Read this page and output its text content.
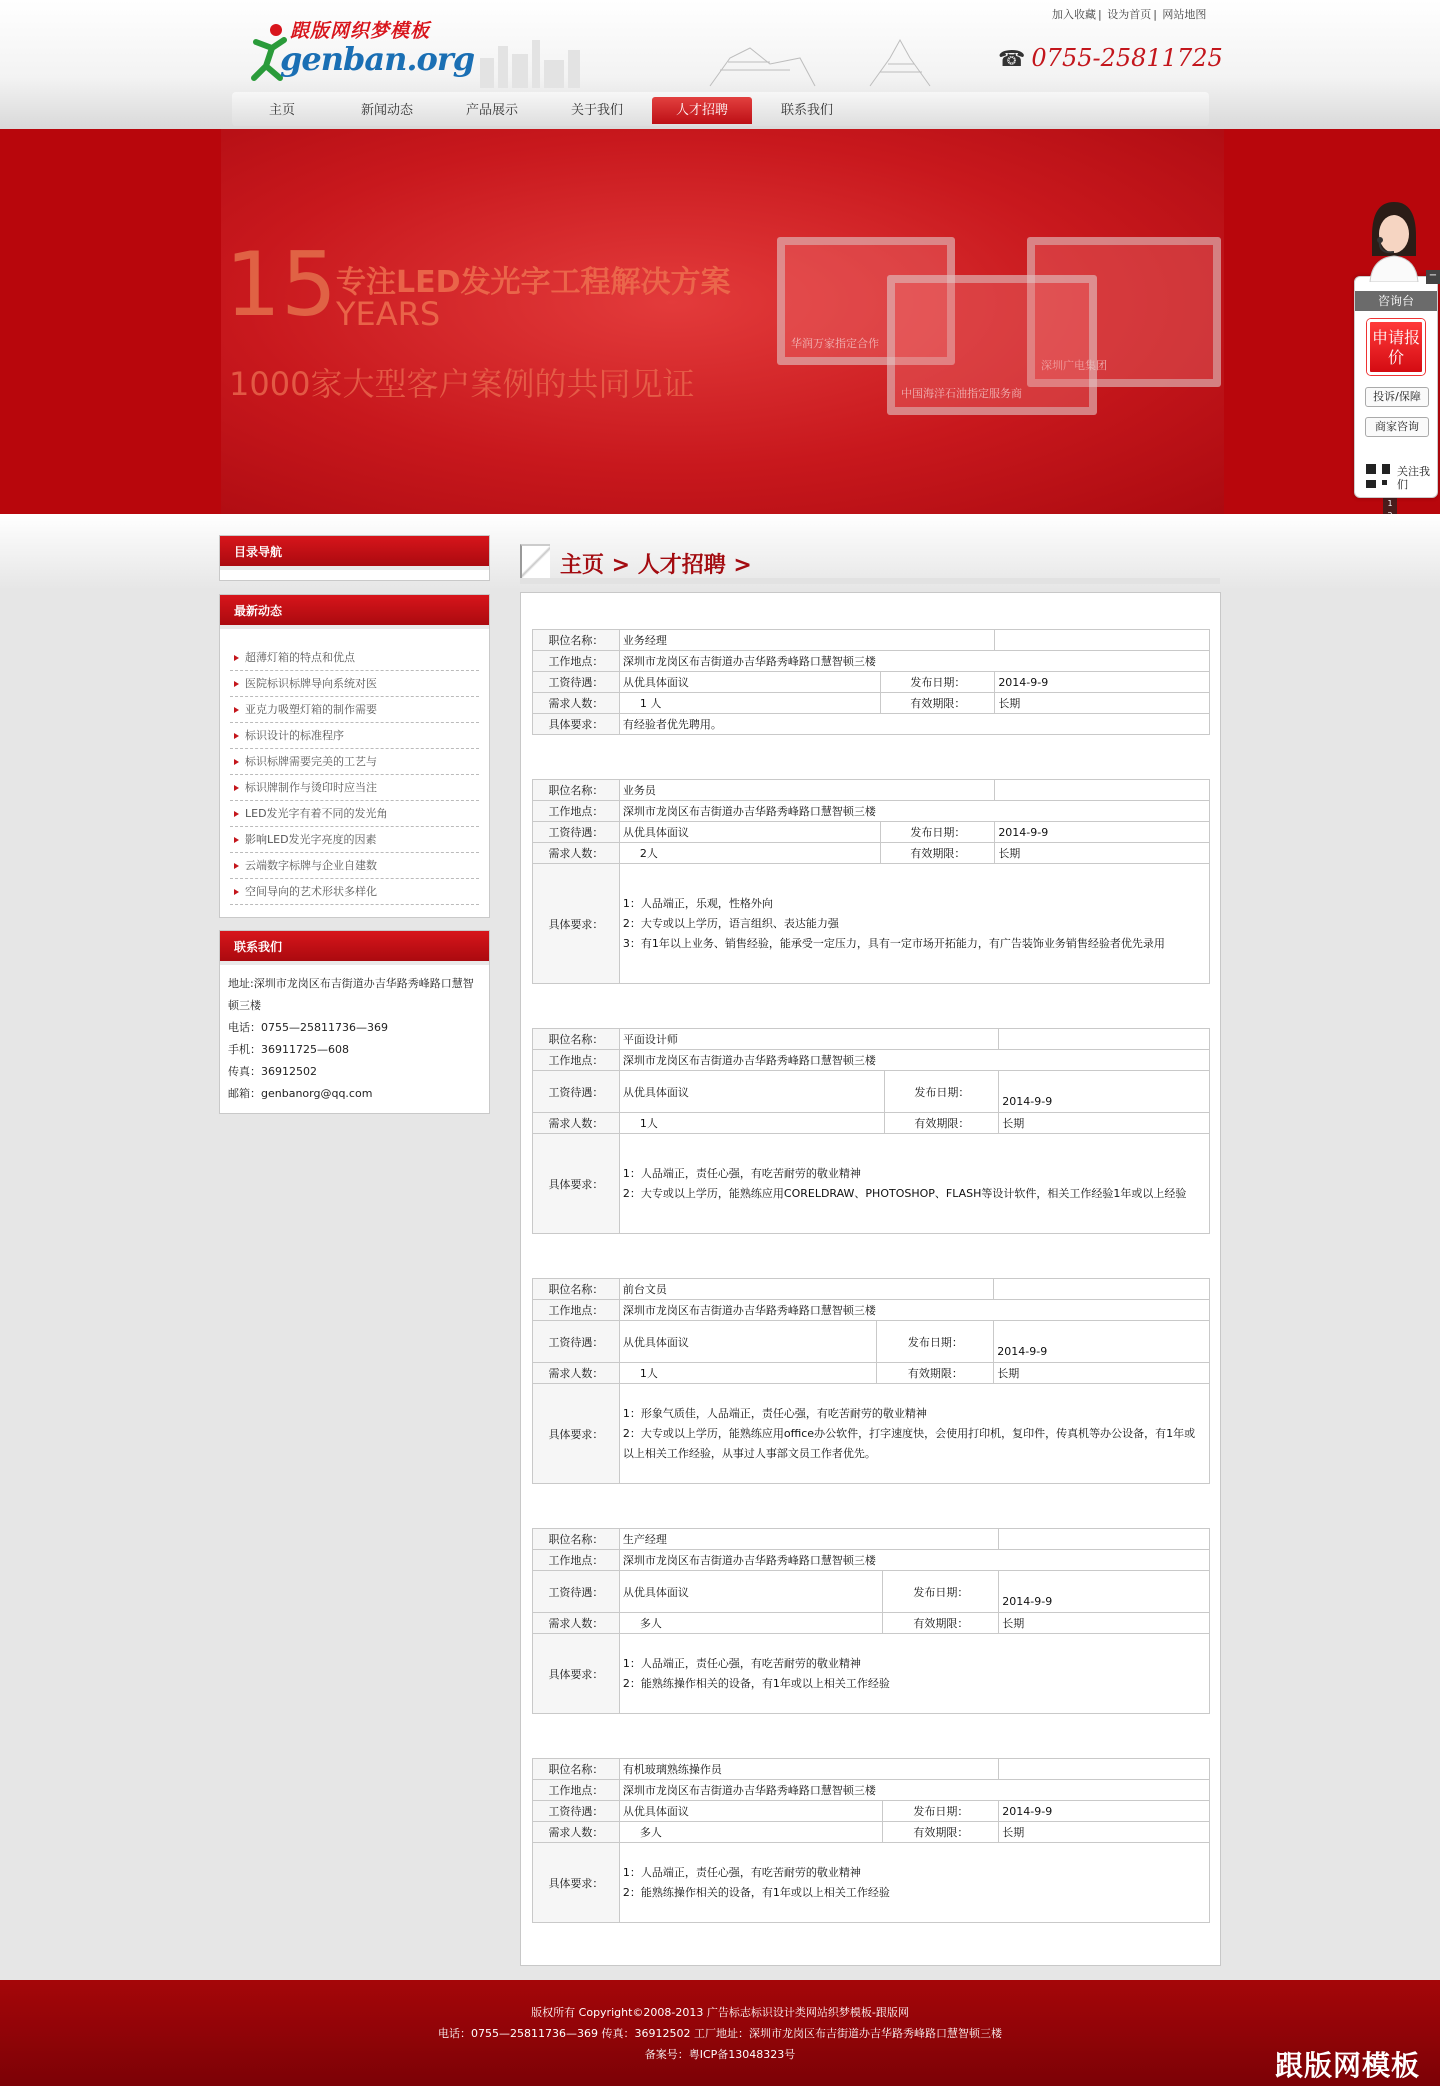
加入收藏 | 设为首页 | 网站地图
跟版网织梦模板
genban.org	☎ 0755-25811725
主页	新闻动态	产品展示	关于我们	人才招聘	联系我们
15 专注LED发光字工程解决方案
YEARS
1000家大型客户案例的共同见证
华润万家指定合作
深圳广电集团
中国海洋石油指定服务商
1
目录导航
最新动态
超薄灯箱的特点和优点
医院标识标牌导向系统对医
亚克力吸塑灯箱的制作需要
标识设计的标准程序
标识标牌需要完美的工艺与
标识牌制作与烫印时应当注
LED发光字有着不同的发光角
影响LED发光字亮度的因素
云端数字标牌与企业自建数
空间导向的艺术形状多样化
联系我们
地址:深圳市龙岗区布吉街道办吉华路秀峰路口慧智顿三楼
电话：0755—25811736—369
手机：36911725—608
传真：36912502
邮箱：genbanorg@qq.com
主页 > 人才招聘 >
职位名称：	业务经理		
工作地点：	深圳市龙岗区布吉街道办吉华路秀峰路口慧智顿三楼		
工资待遇：	从优具体面议	发布日期：	2014-9-9
需求人数：	1 人	有效期限：	长期
具体要求：	有经验者优先聘用。		
职位名称：	业务员		
工作地点：	深圳市龙岗区布吉街道办吉华路秀峰路口慧智顿三楼		
工资待遇：	从优具体面议	发布日期：	2014-9-9
需求人数：	2人	有效期限：	长期
具体要求：	1：人品端正，乐观，性格外向
2：大专或以上学历，语言组织、表达能力强
3：有1年以上业务、销售经验，能承受一定压力，具有一定市场开拓能力，有广告装饰业务销售经验者优先录用		
职位名称：	平面设计师		
工作地点：	深圳市龙岗区布吉街道办吉华路秀峰路口慧智顿三楼		
工资待遇：	从优具体面议	发布日期：	2014-9-9
需求人数：	1人	有效期限：	长期
具体要求：	1：人品端正，责任心强，有吃苦耐劳的敬业精神
2：大专或以上学历，能熟练应用CORELDRAW、PHOTOSHOP、FLASH等设计软件，相关工作经验1年或以上经验		
职位名称：	前台文员		
工作地点：	深圳市龙岗区布吉街道办吉华路秀峰路口慧智顿三楼		
工资待遇：	从优具体面议	发布日期：	2014-9-9
需求人数：	1人	有效期限：	长期
具体要求：	1：形象气质佳，人品端正，责任心强，有吃苦耐劳的敬业精神
2：大专或以上学历，能熟练应用office办公软件，打字速度快，会使用打印机，复印件，传真机等办公设备，有1年或以上相关工作经验，从事过人事部文员工作者优先。		
职位名称：	生产经理		
工作地点：	深圳市龙岗区布吉街道办吉华路秀峰路口慧智顿三楼		
工资待遇：	从优具体面议	发布日期：	2014-9-9
需求人数：	多人	有效期限：	长期
具体要求：	1：人品端正，责任心强，有吃苦耐劳的敬业精神
2：能熟练操作相关的设备，有1年或以上相关工作经验		
职位名称：	有机玻璃熟练操作员		
工作地点：	深圳市龙岗区布吉街道办吉华路秀峰路口慧智顿三楼		
工资待遇：	从优具体面议	发布日期：	2014-9-9
需求人数：	多人	有效期限：	长期
具体要求：	1：人品端正，责任心强，有吃苦耐劳的敬业精神
2：能熟练操作相关的设备，有1年或以上相关工作经验		
版权所有 Copyright©2008-2013 广告标志标识设计类网站织梦模板-跟版网
电话：0755—25811736—369 传真：36912502 工厂地址：深圳市龙岗区布吉街道办吉华路秀峰路口慧智顿三楼
备案号：粤ICP备13048323号	跟版网模板
咨询台
申请报价
投诉/保障
商家咨询
关注我们
−
